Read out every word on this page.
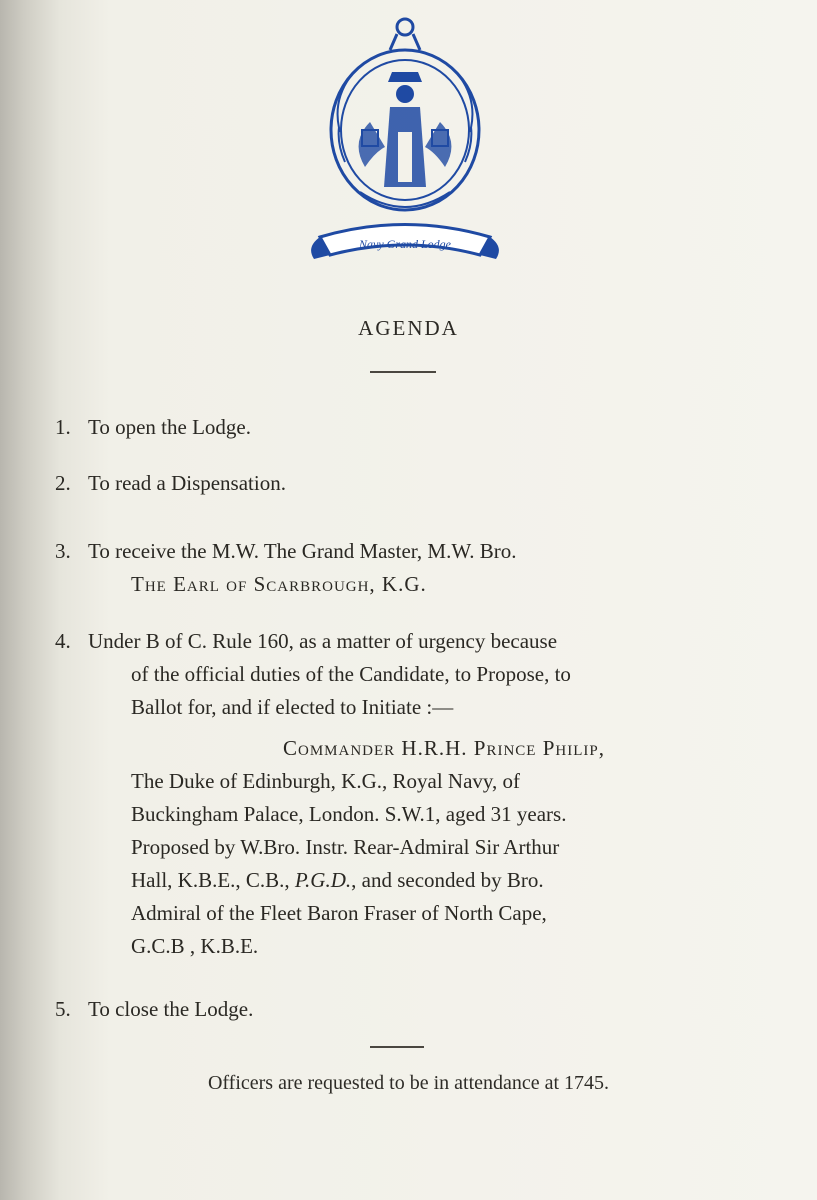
Navy Grand Lodge
AGENDA
1. To open the Lodge.
2. To read a Dispensation.
3. To receive the M.W. The Grand Master, M.W. Bro.
The Earl of Scarbrough, K.G.
4. Under B of C. Rule 160, as a matter of urgency because
of the official duties of the Candidate, to Propose, to
Ballot for, and if elected to Initiate :—
Commander H.R.H. Prince Philip,
The Duke of Edinburgh, K.G., Royal Navy, of
Buckingham Palace, London. S.W.1, aged 31 years.
Proposed by W.Bro. Instr. Rear-Admiral Sir Arthur
Hall, K.B.E., C.B., P.G.D., and seconded by Bro.
Admiral of the Fleet Baron Fraser of North Cape,
G.C.B , K.B.E.
5. To close the Lodge.
Officers are requested to be in attendance at 1745.
